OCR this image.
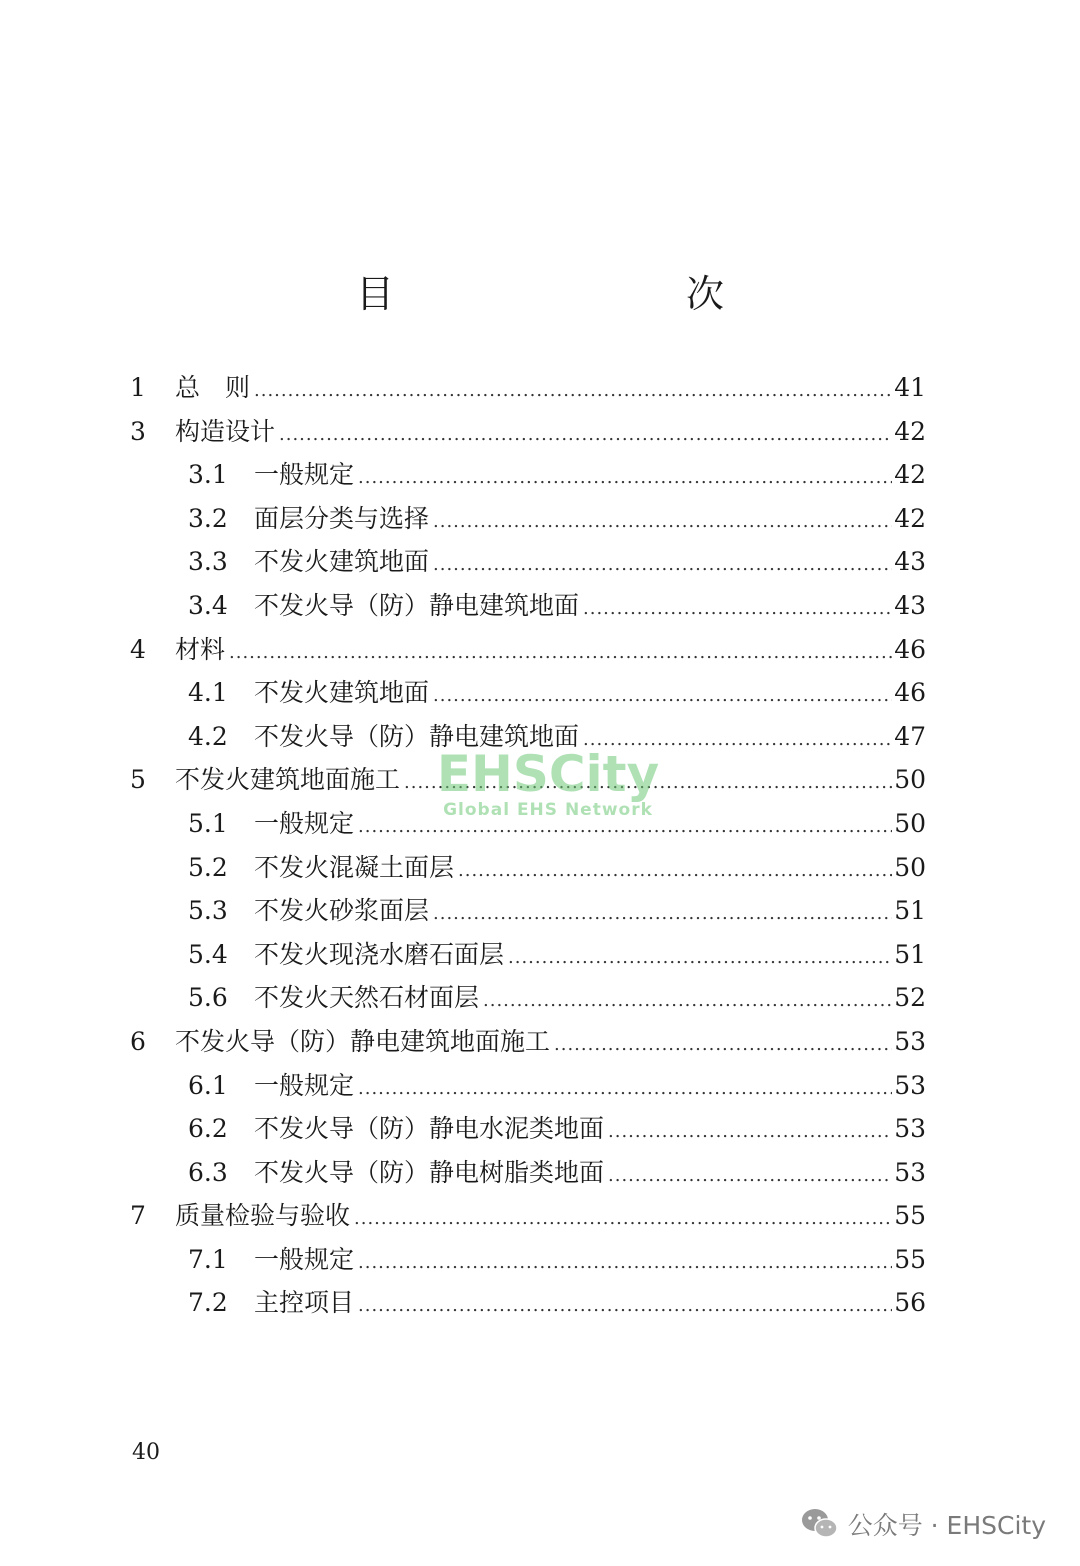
目　　次
1	总　则 .....	41
3	构造设计 .....	42
3.1	一般规定 .....	42
3.2	面层分类与选择 .....	42
3.3	不发火建筑地面 .....	43
3.4	不发火导（防）静电建筑地面 .....	43
4	材料 .....	46
4.1	不发火建筑地面 .....	46
4.2	不发火导（防）静电建筑地面 .....	47
5	不发火建筑地面施工 .....	50
5.1	一般规定 .....	50
5.2	不发火混凝土面层 .....	50
5.3	不发火砂浆面层 .....	51
5.4	不发火现浇水磨石面层 .....	51
5.6	不发火天然石材面层 .....	52
6	不发火导（防）静电建筑地面施工 .....	53
6.1	一般规定 .....	53
6.2	不发火导（防）静电水泥类地面 .....	53
6.3	不发火导（防）静电树脂类地面 .....	53
7	质量检验与验收 .....	55
7.1	一般规定 .....	55
7.2	主控项目 .....	56
EHSCity
Global EHS Network
40
公众号 · EHSCity
